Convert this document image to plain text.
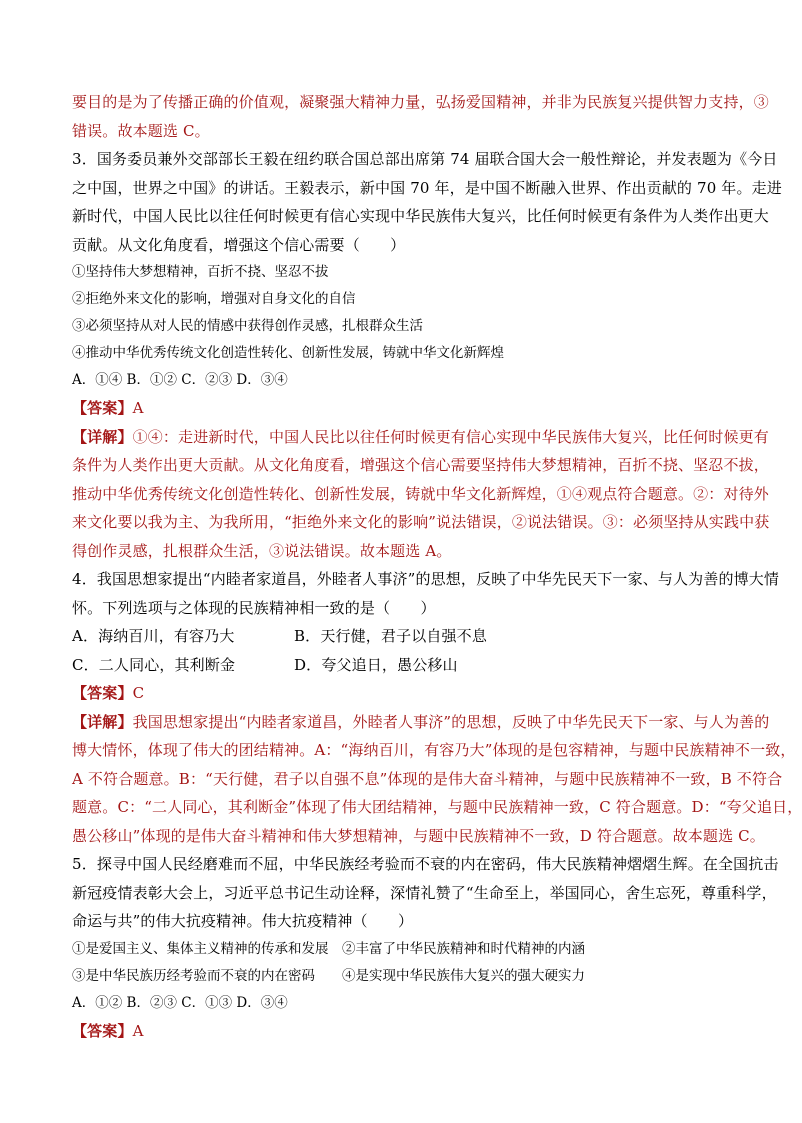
要目的是为了传播正确的价值观，凝聚强大精神力量，弘扬爱国精神，并非为民族复兴提供智力支持，③
错误。故本题选 C。
3．国务委员兼外交部部长王毅在纽约联合国总部出席第 74 届联合国大会一般性辩论，并发表题为《今日
之中国，世界之中国》的讲话。王毅表示，新中国 70 年，是中国不断融入世界、作出贡献的 70 年。走进
新时代，中国人民比以往任何时候更有信心实现中华民族伟大复兴，比任何时候更有条件为人类作出更大
贡献。从文化角度看，增强这个信心需要（　　）
①坚持伟大梦想精神，百折不挠、坚忍不拔
②拒绝外来文化的影响，增强对自身文化的自信
③必须坚持从对人民的情感中获得创作灵感，扎根群众生活
④推动中华优秀传统文化创造性转化、创新性发展，铸就中华文化新辉煌
A．①④ B．①② C．②③ D．③④
【答案】A
【详解】①④：走进新时代，中国人民比以往任何时候更有信心实现中华民族伟大复兴，比任何时候更有
条件为人类作出更大贡献。从文化角度看，增强这个信心需要坚持伟大梦想精神，百折不挠、坚忍不拔，
推动中华优秀传统文化创造性转化、创新性发展，铸就中华文化新辉煌，①④观点符合题意。②：对待外
来文化要以我为主、为我所用，“拒绝外来文化的影响”说法错误，②说法错误。③：必须坚持从实践中获
得创作灵感，扎根群众生活，③说法错误。故本题选 A。
4．我国思想家提出“内睦者家道昌，外睦者人事济”的思想，反映了中华先民天下一家、与人为善的博大情
怀。下列选项与之体现的民族精神相一致的是（　　）
A．海纳百川，有容乃大	B．天行健，君子以自强不息
C．二人同心，其利断金	D．夸父追日，愚公移山
【答案】C
【详解】我国思想家提出“内睦者家道昌，外睦者人事济”的思想，反映了中华先民天下一家、与人为善的
博大情怀，体现了伟大的团结精神。A：“海纳百川，有容乃大”体现的是包容精神，与题中民族精神不一致，
A 不符合题意。B：“天行健，君子以自强不息”体现的是伟大奋斗精神，与题中民族精神不一致，B 不符合
题意。C：“二人同心，其利断金”体现了伟大团结精神，与题中民族精神一致，C 符合题意。D：“夸父追日，
愚公移山”体现的是伟大奋斗精神和伟大梦想精神，与题中民族精神不一致，D 符合题意。故本题选 C。
5．探寻中国人民经磨难而不屈，中华民族经考验而不衰的内在密码，伟大民族精神熠熠生辉。在全国抗击
新冠疫情表彰大会上，习近平总书记生动诠释，深情礼赞了“生命至上，举国同心，舍生忘死，尊重科学，
命运与共”的伟大抗疫精神。伟大抗疫精神（　　）
①是爱国主义、集体主义精神的传承和发展　②丰富了中华民族精神和时代精神的内涵
③是中华民族历经考验而不衰的内在密码　　④是实现中华民族伟大复兴的强大硬实力
A．①② B．②③ C．①③ D．③④
【答案】A
